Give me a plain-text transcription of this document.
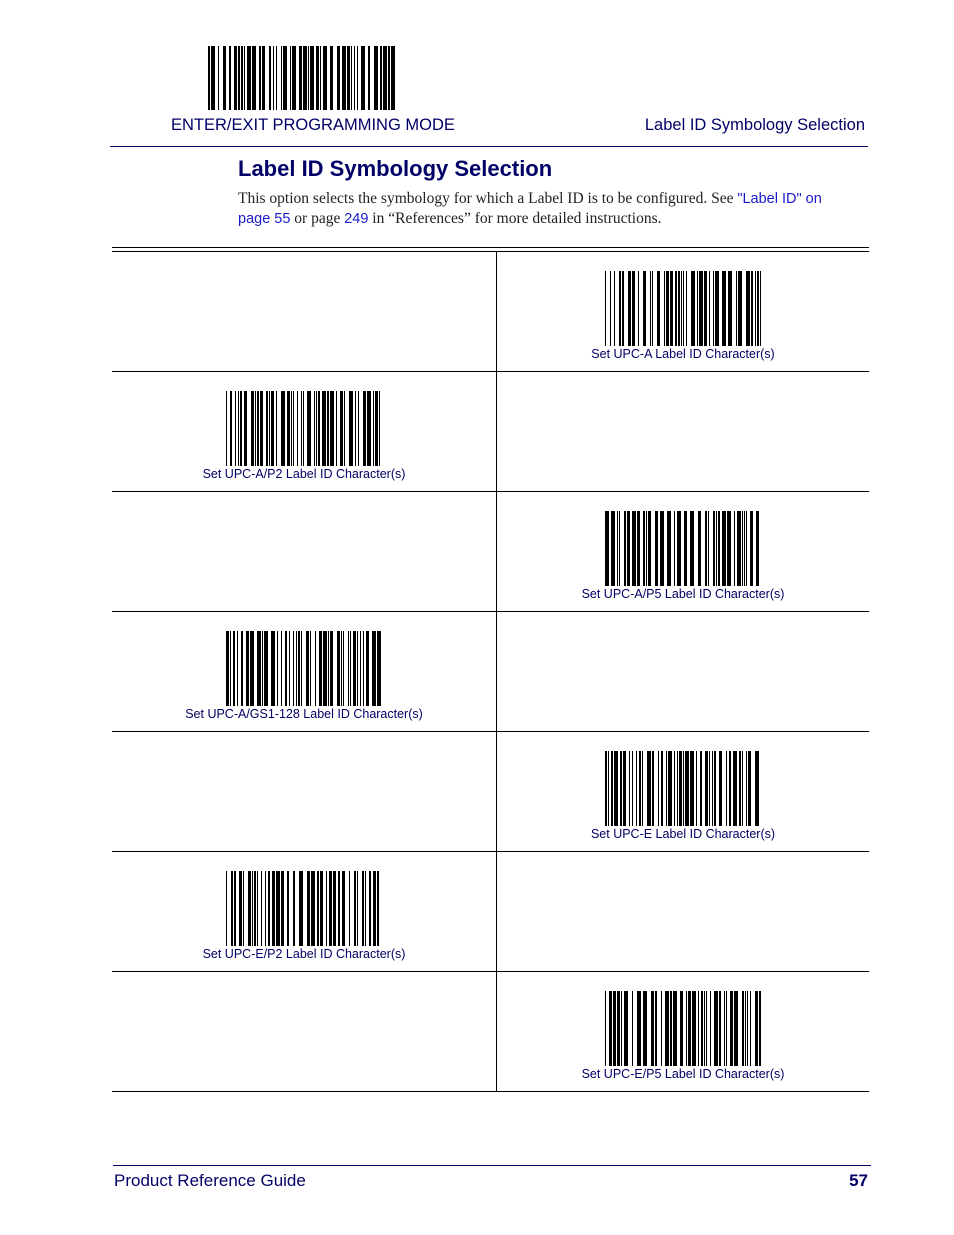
ENTER/EXIT PROGRAMMING MODE	Label ID Symbology Selection
Label ID Symbology Selection

This option selects the symbology for which a Label ID is to be configured. See "Label ID" on page 55 or page 249 in “References” for more detailed instructions.

Set UPC-A Label ID Character(s)
Set UPC-A/P2 Label ID Character(s)
Set UPC-A/P5 Label ID Character(s)
Set UPC-A/GS1-128 Label ID Character(s)
Set UPC-E Label ID Character(s)
Set UPC-E/P2 Label ID Character(s)
Set UPC-E/P5 Label ID Character(s)
Product Reference Guide	57
